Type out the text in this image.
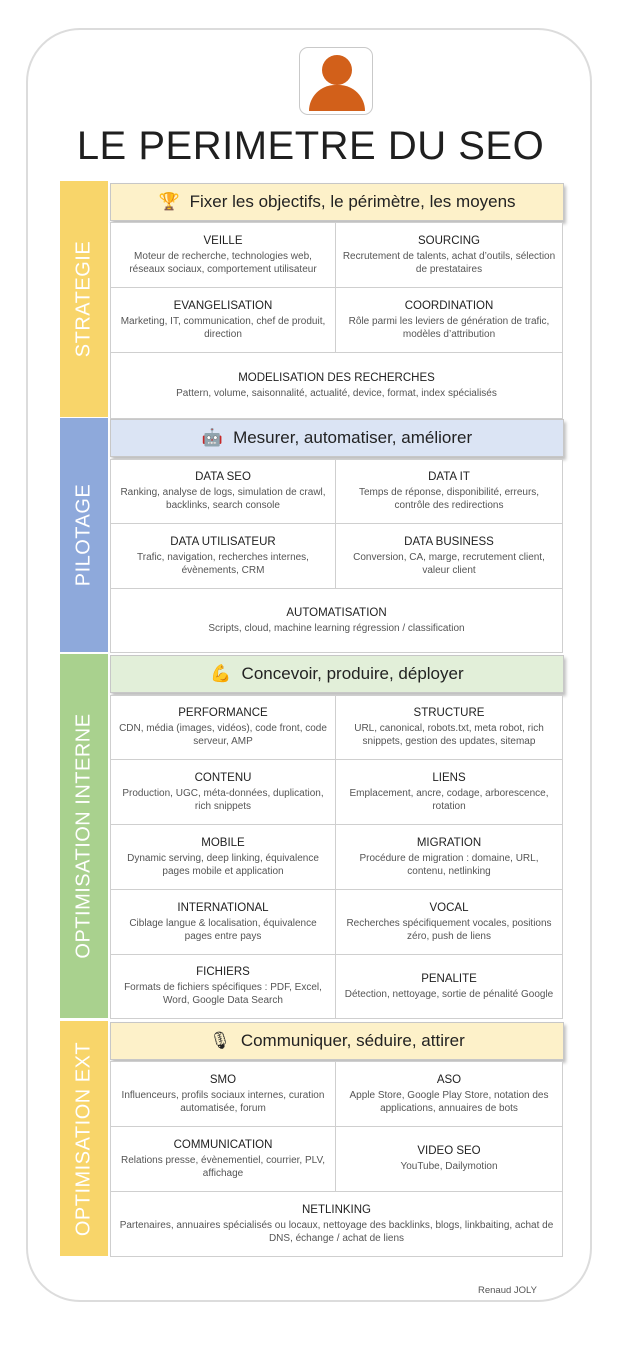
LE PERIMETRE DU SEO
STRATEGIE
🏆 Fixer les objectifs, le périmètre, les moyens
VEILLE
Moteur de recherche, technologies web, réseaux sociaux, comportement utilisateur
SOURCING
Recrutement de talents, achat d’outils, sélection de prestataires
EVANGELISATION
Marketing, IT, communication, chef de produit, direction
COORDINATION
Rôle parmi les leviers de génération de trafic, modèles d’attribution
MODELISATION DES RECHERCHES
Pattern, volume, saisonnalité, actualité, device, format, index spécialisés
PILOTAGE
🤖 Mesurer, automatiser, améliorer
DATA SEO
Ranking, analyse de logs, simulation de crawl, backlinks, search console
DATA IT
Temps de réponse, disponibilité, erreurs, contrôle des redirections
DATA UTILISATEUR
Trafic, navigation, recherches internes, évènements, CRM
DATA BUSINESS
Conversion, CA, marge, recrutement client, valeur client
AUTOMATISATION
Scripts, cloud, machine learning régression / classification
OPTIMISATION INTERNE
💪 Concevoir, produire, déployer
PERFORMANCE
CDN, média (images, vidéos), code front, code serveur, AMP
STRUCTURE
URL, canonical, robots.txt, meta robot, rich snippets, gestion des updates, sitemap
CONTENU
Production, UGC, méta-données, duplication, rich snippets
LIENS
Emplacement, ancre, codage, arborescence, rotation
MOBILE
Dynamic serving, deep linking, équivalence pages mobile et application
MIGRATION
Procédure de migration : domaine, URL, contenu, netlinking
INTERNATIONAL
Ciblage langue & localisation, équivalence pages entre pays
VOCAL
Recherches spécifiquement vocales, positions zéro, push de liens
FICHIERS
Formats de fichiers spécifiques : PDF, Excel, Word, Google Data Search
PENALITE
Détection, nettoyage, sortie de pénalité Google
OPTIMISATION EXT
🎙 Communiquer, séduire, attirer
SMO
Influenceurs, profils sociaux internes, curation automatisée, forum
ASO
Apple Store, Google Play Store, notation des applications, annuaires de bots
COMMUNICATION
Relations presse, évènementiel, courrier, PLV, affichage
VIDEO SEO
YouTube, Dailymotion
NETLINKING
Partenaires, annuaires spécialisés ou locaux, nettoyage des backlinks, blogs, linkbaiting, achat de DNS, échange / achat de liens
Renaud JOLY
